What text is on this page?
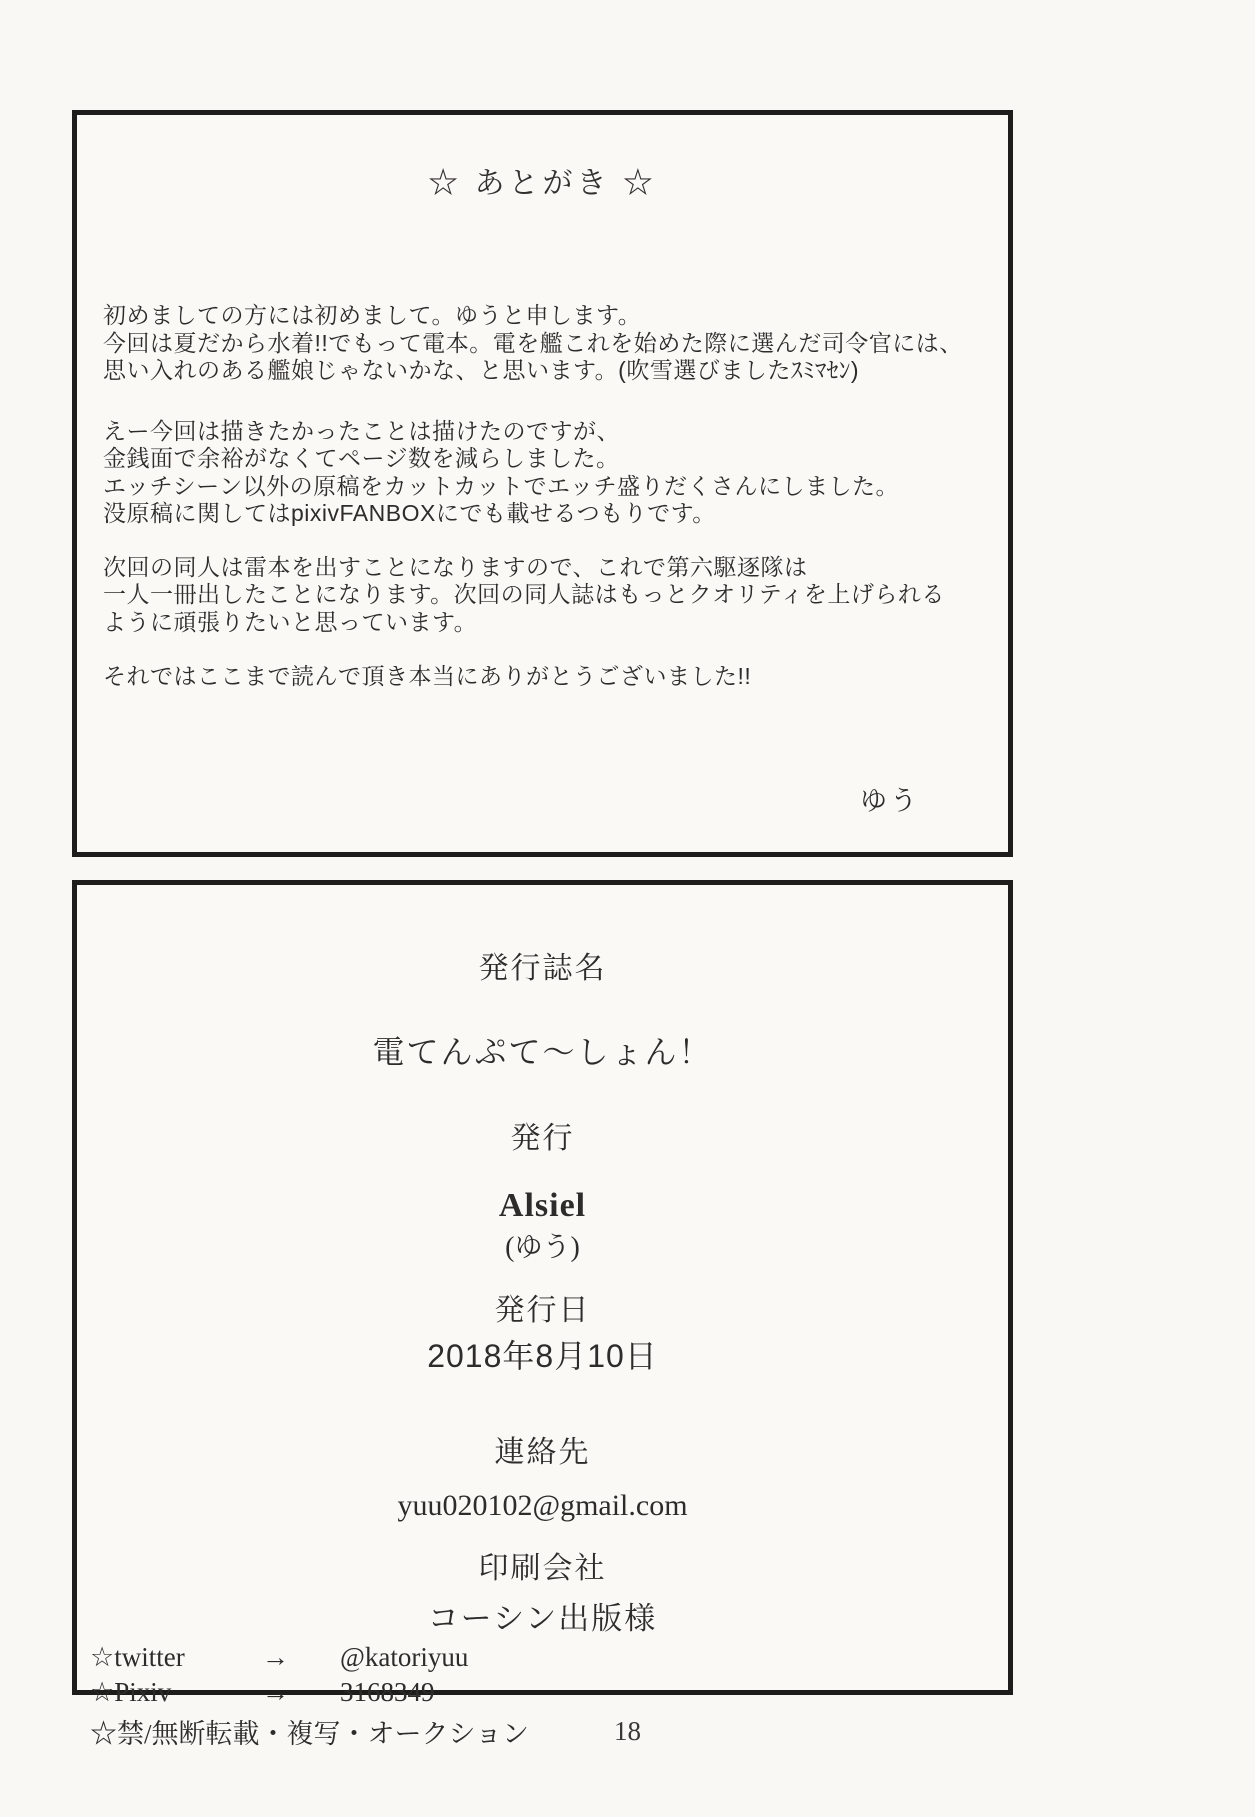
☆ あとがき ☆

初めましての方には初めまして。ゆうと申します。
今回は夏だから水着!!でもって電本。電を艦これを始めた際に選んだ司令官には、
思い入れのある艦娘じゃないかな、と思います。(吹雪選びましたｽﾐﾏｾﾝ)

えー今回は描きたかったことは描けたのですが、
金銭面で余裕がなくてページ数を減らしました。
エッチシーン以外の原稿をカットカットでエッチ盛りだくさんにしました。
没原稿に関してはpixivFANBOXにでも載せるつもりです。

次回の同人は雷本を出すことになりますので、これで第六駆逐隊は
一人一冊出したことになります。次回の同人誌はもっとクオリティを上げられる
ように頑張りたいと思っています。

それではここまで読んで頂き本当にありがとうございました!!

ゆう
発行誌名
電てんぷて〜しょん！
発行
Alsiel
(ゆう)
発行日
2018年8月10日
連絡先
yuu020102@gmail.com
印刷会社
コーシン出版様
☆twitter	→	@katoriyuu
☆Pixiv	→	3168349
☆禁/無断転載・複写・オークション	18
